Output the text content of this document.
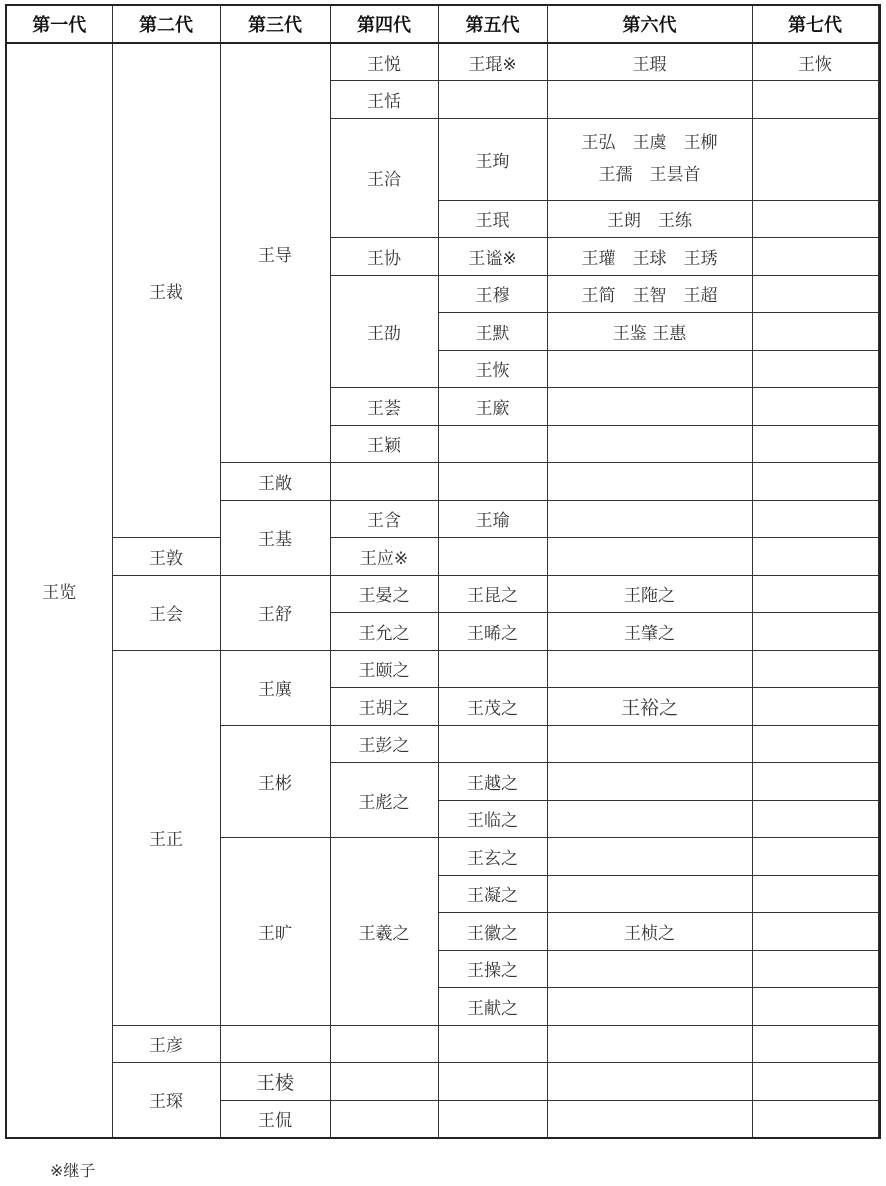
第一代	第二代	第三代	第四代	第五代	第六代	第七代	
王览	王裁	王导	王悦	王琨※	王瑕	王恢	
			王恬				
			王洽	王珣	王弘　王虞　王柳
王孺　王昙首		

				王珉	王朗　王练		
			王协	王谧※	王瓘　王球　王琇		
			王劭	王穆	王简　王智　王超		
				王默	王鉴 王惠		
				王恢			
			王荟	王廞			
			王颖				
		王敞					
		王基	王含	王瑜			
	王敦		王应※				
	王会	王舒	王晏之	王昆之	王陁之		
			王允之	王晞之	王肇之		
	王正	王廙	王颐之				
			王胡之	王茂之	王裕之		
		王彬	王彭之				
			王彪之	王越之			
				王临之			
		王旷	王羲之	王玄之			
				王凝之			
				王徽之	王桢之		
				王操之			
				王献之			
	王彦						
	王琛	王棱					
		王侃					
※继子
